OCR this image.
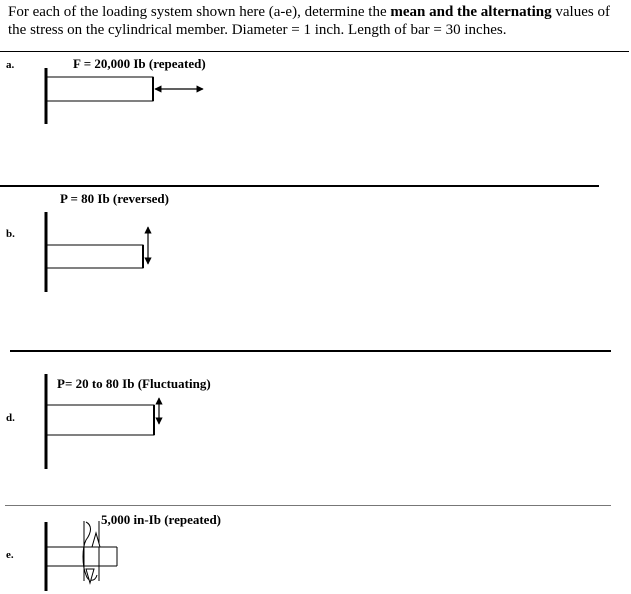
For each of the loading system shown here (a-e), determine the mean and the alternating values of the stress on the cylindrical member. Diameter = 1 inch. Length of bar = 30 inches.
a.
b.
d.
e.
F = 20,000 Ib (repeated)
P = 80 Ib (reversed)
P= 20 to 80 Ib (Fluctuating)
5,000 in-Ib (repeated)
